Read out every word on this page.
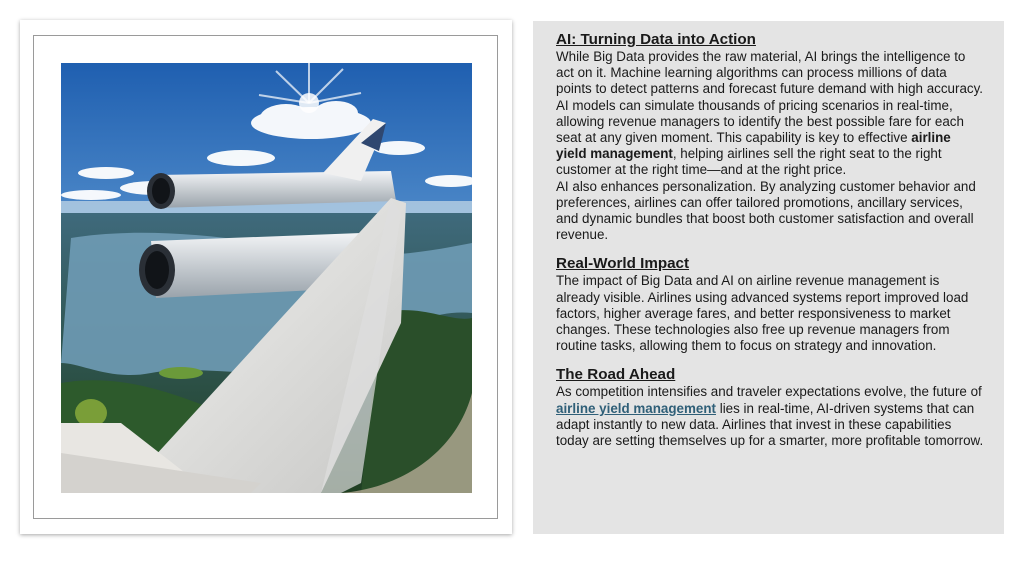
AI: Turning Data into Action

While Big Data provides the raw material, AI brings the intelligence to act on it. Machine learning algorithms can process millions of data points to detect patterns and forecast future demand with high accuracy.

AI models can simulate thousands of pricing scenarios in real-time, allowing revenue managers to identify the best possible fare for each seat at any given moment. This capability is key to effective airline yield management, helping airlines sell the right seat to the right customer at the right time—and at the right price.

AI also enhances personalization. By analyzing customer behavior and preferences, airlines can offer tailored promotions, ancillary services, and dynamic bundles that boost both customer satisfaction and overall revenue.

Real-World Impact

The impact of Big Data and AI on airline revenue management is already visible. Airlines using advanced systems report improved load factors, higher average fares, and better responsiveness to market changes. These technologies also free up revenue managers from routine tasks, allowing them to focus on strategy and innovation.

The Road Ahead

As competition intensifies and traveler expectations evolve, the future of airline yield management lies in real-time, AI-driven systems that can adapt instantly to new data. Airlines that invest in these capabilities today are setting themselves up for a smarter, more profitable tomorrow.
